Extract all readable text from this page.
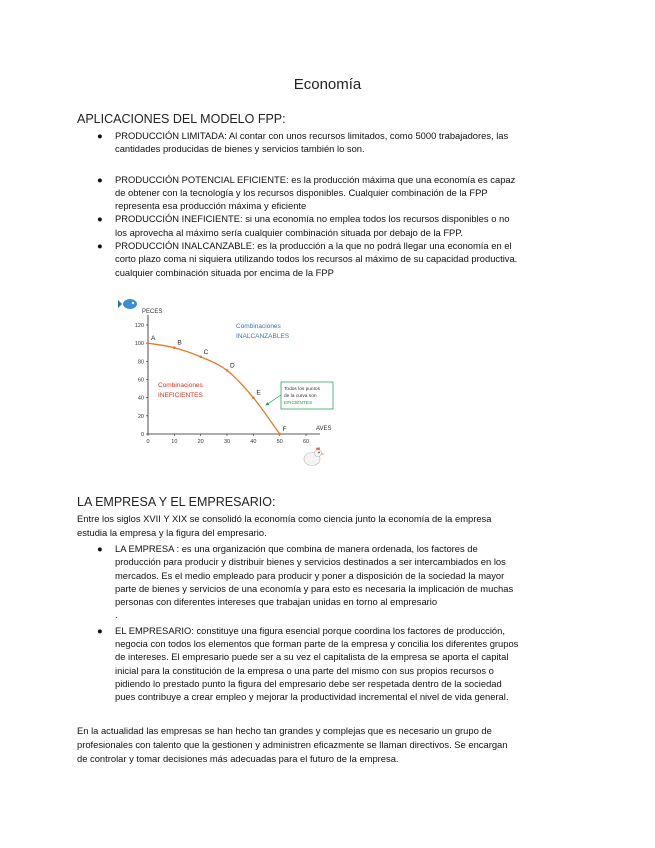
Economía
APLICACIONES DEL MODELO FPP:
● PRODUCCIÓN LIMITADA: Al contar con unos recursos limitados, como 5000 trabajadores, las
cantidades producidas de bienes y servicios también lo son.
● PRODUCCIÓN POTENCIAL EFICIENTE: es la producción máxima que una economía es capaz
de obtener con la tecnología y los recursos disponibles. Cualquier combinación de la FPP
representa esa producción máxima y eficiente
● PRODUCCIÓN INEFICIENTE: si una economía no emplea todos los recursos disponibles o no
los aprovecha al máximo sería cualquier combinación situada por debajo de la FPP.
● PRODUCCIÓN INALCANZABLE: es la producción a la que no podrá llegar una economía en el
corto plazo coma ni siquiera utilizando todos los recursos al máximo de su capacidad productiva.
cualquier combinación situada por encima de la FPP
0	10	20	30	40	50	60
0
20
40
60
80
100
120
PECES
AVES
A
B
C
D
E
F
Combinaciones
INALCANZABLES
Combinaciones
INEFICIENTES
Todos los puntos
de la curva son
EFICIENTES
LA EMPRESA Y EL EMPRESARIO:
Entre los siglos XVII Y XIX se consolidó la economía como ciencia junto la economía de la empresa
estudia la empresa y la figura del empresario.
● LA EMPRESA : es una organización que combina de manera ordenada, los factores de
producción para producir y distribuir bienes y servicios destinados a ser intercambiados en los
mercados. Es el medio empleado para producir y poner a disposición de la sociedad la mayor
parte de bienes y servicios de una economía y para esto es necesaria la implicación de muchas
personas con diferentes intereses que trabajan unidas en torno al empresario
.
● EL EMPRESARIO: constituye una figura esencial porque coordina los factores de producción,
negocia con todos los elementos que forman parte de la empresa y concilia los diferentes grupos
de intereses. El empresario puede ser a su vez el capitalista de la empresa se aporta el capital
inicial para la constitución de la empresa o una parte del mismo con sus propios recursos o
pidiendo lo prestado punto la figura del empresario debe ser respetada dentro de la sociedad
pues contribuye a crear empleo y mejorar la productividad incremental el nivel de vida general.
En la actualidad las empresas se han hecho tan grandes y complejas que es necesario un grupo de
profesionales con talento que la gestionen y administren eficazmente se llaman directivos. Se encargan
de controlar y tomar decisiones más adecuadas para el futuro de la empresa.
